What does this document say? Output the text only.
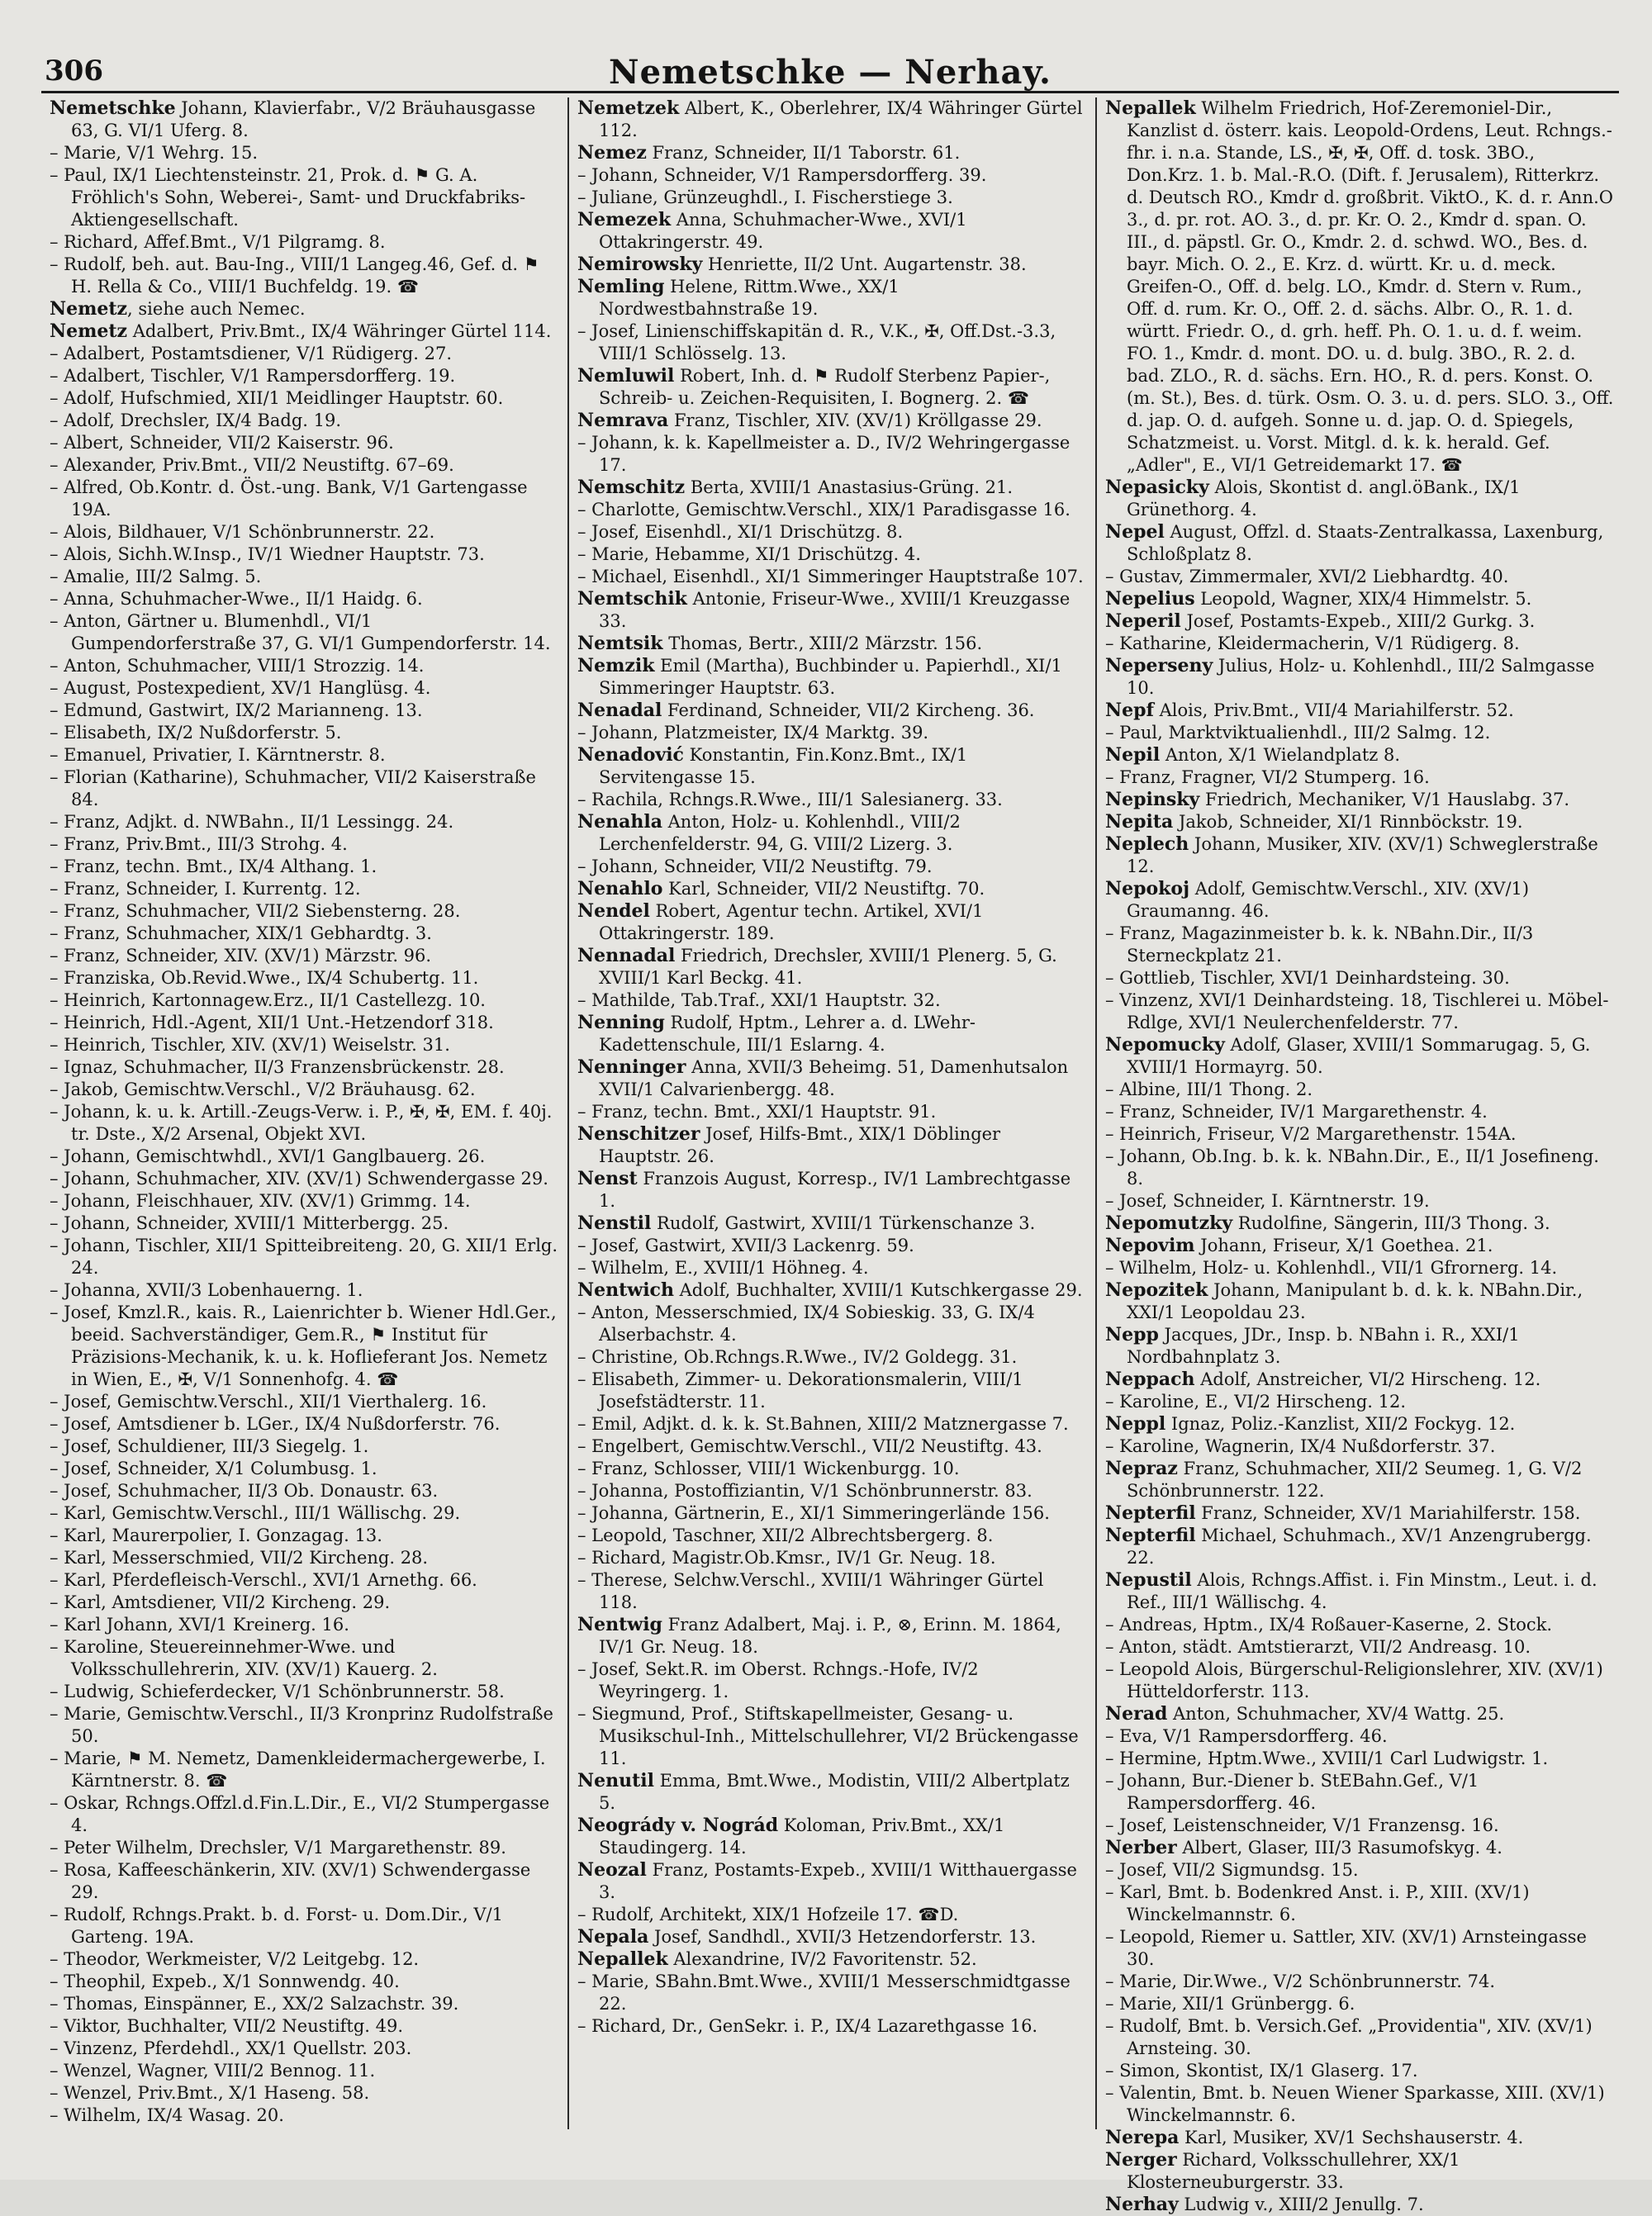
306	Nemetschke — Nerhay.
Nemetschke Johann, Klavierfabr., V/2 Bräuhausgasse 63, G. VI/1 Uferg. 8.
– Marie, V/1 Wehrg. 15.
– Paul, IX/1 Liechtensteinstr. 21, Prok. d. ⚑ G. A. Fröhlich's Sohn, Weberei-, Samt- und Druckfabriks-Aktiengesellschaft.
– Richard, Affef.Bmt., V/1 Pilgramg. 8.
– Rudolf, beh. aut. Bau-Ing., VIII/1 Langeg.46, Gef. d. ⚑ H. Rella & Co., VIII/1 Buchfeldg. 19. ☎
Nemetz, siehe auch Nemec.
Nemetz Adalbert, Priv.Bmt., IX/4 Währinger Gürtel 114.
– Adalbert, Postamtsdiener, V/1 Rüdigerg. 27.
– Adalbert, Tischler, V/1 Rampersdorfferg. 19.
– Adolf, Hufschmied, XII/1 Meidlinger Hauptstr. 60.
– Adolf, Drechsler, IX/4 Badg. 19.
– Albert, Schneider, VII/2 Kaiserstr. 96.
– Alexander, Priv.Bmt., VII/2 Neustiftg. 67–69.
– Alfred, Ob.Kontr. d. Öst.-ung. Bank, V/1 Gartengasse 19A.
– Alois, Bildhauer, V/1 Schönbrunnerstr. 22.
– Alois, Sichh.W.Insp., IV/1 Wiedner Hauptstr. 73.
– Amalie, III/2 Salmg. 5.
– Anna, Schuhmacher-Wwe., II/1 Haidg. 6.
– Anton, Gärtner u. Blumenhdl., VI/1 Gumpendorferstraße 37, G. VI/1 Gumpendorferstr. 14.
– Anton, Schuhmacher, VIII/1 Strozzig. 14.
– August, Postexpedient, XV/1 Hanglüsg. 4.
– Edmund, Gastwirt, IX/2 Marianneng. 13.
– Elisabeth, IX/2 Nußdorferstr. 5.
– Emanuel, Privatier, I. Kärntnerstr. 8.
– Florian (Katharine), Schuhmacher, VII/2 Kaiserstraße 84.
– Franz, Adjkt. d. NWBahn., II/1 Lessingg. 24.
– Franz, Priv.Bmt., III/3 Strohg. 4.
– Franz, techn. Bmt., IX/4 Althang. 1.
– Franz, Schneider, I. Kurrentg. 12.
– Franz, Schuhmacher, VII/2 Siebensterng. 28.
– Franz, Schuhmacher, XIX/1 Gebhardtg. 3.
– Franz, Schneider, XIV. (XV/1) Märzstr. 96.
– Franziska, Ob.Revid.Wwe., IX/4 Schubertg. 11.
– Heinrich, Kartonnagew.Erz., II/1 Castellezg. 10.
– Heinrich, Hdl.-Agent, XII/1 Unt.-Hetzendorf 318.
– Heinrich, Tischler, XIV. (XV/1) Weiselstr. 31.
– Ignaz, Schuhmacher, II/3 Franzensbrückenstr. 28.
– Jakob, Gemischtw.Verschl., V/2 Bräuhausg. 62.
– Johann, k. u. k. Artill.-Zeugs-Verw. i. P., ✠, ✠, EM. f. 40j. tr. Dste., X/2 Arsenal, Objekt XVI.
– Johann, Gemischtwhdl., XVI/1 Ganglbauerg. 26.
– Johann, Schuhmacher, XIV. (XV/1) Schwendergasse 29.
– Johann, Fleischhauer, XIV. (XV/1) Grimmg. 14.
– Johann, Schneider, XVIII/1 Mitterbergg. 25.
– Johann, Tischler, XII/1 Spitteibreiteng. 20, G. XII/1 Erlg. 24.
– Johanna, XVII/3 Lobenhauerng. 1.
– Josef, Kmzl.R., kais. R., Laienrichter b. Wiener Hdl.Ger., beeid. Sachverständiger, Gem.R., ⚑ Institut für Präzisions-Mechanik, k. u. k. Hoflieferant Jos. Nemetz in Wien, E., ✠, V/1 Sonnenhofg. 4. ☎
– Josef, Gemischtw.Verschl., XII/1 Vierthalerg. 16.
– Josef, Amtsdiener b. LGer., IX/4 Nußdorferstr. 76.
– Josef, Schuldiener, III/3 Siegelg. 1.
– Josef, Schneider, X/1 Columbusg. 1.
– Josef, Schuhmacher, II/3 Ob. Donaustr. 63.
– Karl, Gemischtw.Verschl., III/1 Wällischg. 29.
– Karl, Maurerpolier, I. Gonzagag. 13.
– Karl, Messerschmied, VII/2 Kircheng. 28.
– Karl, Pferdefleisch-Verschl., XVI/1 Arnethg. 66.
– Karl, Amtsdiener, VII/2 Kircheng. 29.
– Karl Johann, XVI/1 Kreinerg. 16.
– Karoline, Steuereinnehmer-Wwe. und Volksschullehrerin, XIV. (XV/1) Kauerg. 2.
– Ludwig, Schieferdecker, V/1 Schönbrunnerstr. 58.
– Marie, Gemischtw.Verschl., II/3 Kronprinz Rudolfstraße 50.
– Marie, ⚑ M. Nemetz, Damenkleidermachergewerbe, I. Kärntnerstr. 8. ☎
– Oskar, Rchngs.Offzl.d.Fin.L.Dir., E., VI/2 Stumpergasse 4.
– Peter Wilhelm, Drechsler, V/1 Margarethenstr. 89.
– Rosa, Kaffeeschänkerin, XIV. (XV/1) Schwendergasse 29.
– Rudolf, Rchngs.Prakt. b. d. Forst- u. Dom.Dir., V/1 Garteng. 19A.
– Theodor, Werkmeister, V/2 Leitgebg. 12.
– Theophil, Expeb., X/1 Sonnwendg. 40.
– Thomas, Einspänner, E., XX/2 Salzachstr. 39.
– Viktor, Buchhalter, VII/2 Neustiftg. 49.
– Vinzenz, Pferdehdl., XX/1 Quellstr. 203.
– Wenzel, Wagner, VIII/2 Bennog. 11.
– Wenzel, Priv.Bmt., X/1 Haseng. 58.
– Wilhelm, IX/4 Wasag. 20.
Nemetzek Albert, K., Oberlehrer, IX/4 Währinger Gürtel 112.
Nemez Franz, Schneider, II/1 Taborstr. 61.
– Johann, Schneider, V/1 Rampersdorfferg. 39.
– Juliane, Grünzeughdl., I. Fischerstiege 3.
Nemezek Anna, Schuhmacher-Wwe., XVI/1 Ottakringerstr. 49.
Nemirowsky Henriette, II/2 Unt. Augartenstr. 38.
Nemling Helene, Rittm.Wwe., XX/1 Nordwestbahnstraße 19.
– Josef, Linienschiffskapitän d. R., V.K., ✠, Off.Dst.-3.3, VIII/1 Schlösselg. 13.
Nemluwil Robert, Inh. d. ⚑ Rudolf Sterbenz Papier-, Schreib- u. Zeichen-Requisiten, I. Bognerg. 2. ☎
Nemrava Franz, Tischler, XIV. (XV/1) Kröllgasse 29.
– Johann, k. k. Kapellmeister a. D., IV/2 Wehringergasse 17.
Nemschitz Berta, XVIII/1 Anastasius-Grüng. 21.
– Charlotte, Gemischtw.Verschl., XIX/1 Paradisgasse 16.
– Josef, Eisenhdl., XI/1 Drischützg. 8.
– Marie, Hebamme, XI/1 Drischützg. 4.
– Michael, Eisenhdl., XI/1 Simmeringer Hauptstraße 107.
Nemtschik Antonie, Friseur-Wwe., XVIII/1 Kreuzgasse 33.
Nemtsik Thomas, Bertr., XIII/2 Märzstr. 156.
Nemzik Emil (Martha), Buchbinder u. Papierhdl., XI/1 Simmeringer Hauptstr. 63.
Nenadal Ferdinand, Schneider, VII/2 Kircheng. 36.
– Johann, Platzmeister, IX/4 Marktg. 39.
Nenadović Konstantin, Fin.Konz.Bmt., IX/1 Servitengasse 15.
– Rachila, Rchngs.R.Wwe., III/1 Salesianerg. 33.
Nenahla Anton, Holz- u. Kohlenhdl., VIII/2 Lerchenfelderstr. 94, G. VIII/2 Lizerg. 3.
– Johann, Schneider, VII/2 Neustiftg. 79.
Nenahlo Karl, Schneider, VII/2 Neustiftg. 70.
Nendel Robert, Agentur techn. Artikel, XVI/1 Ottakringerstr. 189.
Nennadal Friedrich, Drechsler, XVIII/1 Plenerg. 5, G. XVIII/1 Karl Beckg. 41.
– Mathilde, Tab.Traf., XXI/1 Hauptstr. 32.
Nenning Rudolf, Hptm., Lehrer a. d. LWehr-Kadettenschule, III/1 Eslarng. 4.
Nenninger Anna, XVII/3 Beheimg. 51, Damenhutsalon XVII/1 Calvarienbergg. 48.
– Franz, techn. Bmt., XXI/1 Hauptstr. 91.
Nenschitzer Josef, Hilfs-Bmt., XIX/1 Döblinger Hauptstr. 26.
Nenst Franzois August, Korresp., IV/1 Lambrechtgasse 1.
Nenstil Rudolf, Gastwirt, XVIII/1 Türkenschanze 3.
– Josef, Gastwirt, XVII/3 Lackenrg. 59.
– Wilhelm, E., XVIII/1 Höhneg. 4.
Nentwich Adolf, Buchhalter, XVIII/1 Kutschkergasse 29.
– Anton, Messerschmied, IX/4 Sobieskig. 33, G. IX/4 Alserbachstr. 4.
– Christine, Ob.Rchngs.R.Wwe., IV/2 Goldegg. 31.
– Elisabeth, Zimmer- u. Dekorationsmalerin, VIII/1 Josefstädterstr. 11.
– Emil, Adjkt. d. k. k. St.Bahnen, XIII/2 Matznergasse 7.
– Engelbert, Gemischtw.Verschl., VII/2 Neustiftg. 43.
– Franz, Schlosser, VIII/1 Wickenburgg. 10.
– Johanna, Postoffiziantin, V/1 Schönbrunnerstr. 83.
– Johanna, Gärtnerin, E., XI/1 Simmeringerlände 156.
– Leopold, Taschner, XII/2 Albrechtsbergerg. 8.
– Richard, Magistr.Ob.Kmsr., IV/1 Gr. Neug. 18.
– Therese, Selchw.Verschl., XVIII/1 Währinger Gürtel 118.
Nentwig Franz Adalbert, Maj. i. P., ⊗, Erinn. M. 1864, IV/1 Gr. Neug. 18.
– Josef, Sekt.R. im Oberst. Rchngs.-Hofe, IV/2 Weyringerg. 1.
– Siegmund, Prof., Stiftskapellmeister, Gesang- u. Musikschul-Inh., Mittelschullehrer, VI/2 Brückengasse 11.
Nenutil Emma, Bmt.Wwe., Modistin, VIII/2 Albertplatz 5.
Neogrády v. Nográd Koloman, Priv.Bmt., XX/1 Staudingerg. 14.
Neozal Franz, Postamts-Expeb., XVIII/1 Witthauergasse 3.
– Rudolf, Architekt, XIX/1 Hofzeile 17. ☎D.
Nepala Josef, Sandhdl., XVII/3 Hetzendorferstr. 13.
Nepallek Alexandrine, IV/2 Favoritenstr. 52.
– Marie, SBahn.Bmt.Wwe., XVIII/1 Messerschmidtgasse 22.
– Richard, Dr., GenSekr. i. P., IX/4 Lazarethgasse 16.
Nepallek Wilhelm Friedrich, Hof-Zeremoniel-Dir., Kanzlist d. österr. kais. Leopold-Ordens, Leut. Rchngs.-fhr. i. n.a. Stande, LS., ✠, ✠, Off. d. tosk. 3BO., Don.Krz. 1. b. Mal.-R.O. (Dift. f. Jerusalem), Ritterkrz. d. Deutsch RO., Kmdr d. großbrit. ViktO., K. d. r. Ann.O 3., d. pr. rot. AO. 3., d. pr. Kr. O. 2., Kmdr d. span. O. III., d. päpstl. Gr. O., Kmdr. 2. d. schwd. WO., Bes. d. bayr. Mich. O. 2., E. Krz. d. württ. Kr. u. d. meck. Greifen-O., Off. d. belg. LO., Kmdr. d. Stern v. Rum., Off. d. rum. Kr. O., Off. 2. d. sächs. Albr. O., R. 1. d. württ. Friedr. O., d. grh. heff. Ph. O. 1. u. d. f. weim. FO. 1., Kmdr. d. mont. DO. u. d. bulg. 3BO., R. 2. d. bad. ZLO., R. d. sächs. Ern. HO., R. d. pers. Konst. O. (m. St.), Bes. d. türk. Osm. O. 3. u. d. pers. SLO. 3., Off. d. jap. O. d. aufgeh. Sonne u. d. jap. O. d. Spiegels, Schatzmeist. u. Vorst. Mitgl. d. k. k. herald. Gef. „Adler", E., VI/1 Getreidemarkt 17. ☎
Nepasicky Alois, Skontist d. angl.öBank., IX/1 Grünethorg. 4.
Nepel August, Offzl. d. Staats-Zentralkassa, Laxenburg, Schloßplatz 8.
– Gustav, Zimmermaler, XVI/2 Liebhardtg. 40.
Nepelius Leopold, Wagner, XIX/4 Himmelstr. 5.
Neperil Josef, Postamts-Expeb., XIII/2 Gurkg. 3.
– Katharine, Kleidermacherin, V/1 Rüdigerg. 8.
Neperseny Julius, Holz- u. Kohlenhdl., III/2 Salmgasse 10.
Nepf Alois, Priv.Bmt., VII/4 Mariahilferstr. 52.
– Paul, Marktviktualienhdl., III/2 Salmg. 12.
Nepil Anton, X/1 Wielandplatz 8.
– Franz, Fragner, VI/2 Stumperg. 16.
Nepinsky Friedrich, Mechaniker, V/1 Hauslabg. 37.
Nepita Jakob, Schneider, XI/1 Rinnböckstr. 19.
Neplech Johann, Musiker, XIV. (XV/1) Schweglerstraße 12.
Nepokoj Adolf, Gemischtw.Verschl., XIV. (XV/1) Graumanng. 46.
– Franz, Magazinmeister b. k. k. NBahn.Dir., II/3 Sterneckplatz 21.
– Gottlieb, Tischler, XVI/1 Deinhardsteing. 30.
– Vinzenz, XVI/1 Deinhardsteing. 18, Tischlerei u. Möbel-Rdlge, XVI/1 Neulerchenfelderstr. 77.
Nepomucky Adolf, Glaser, XVIII/1 Sommarugag. 5, G. XVIII/1 Hormayrg. 50.
– Albine, III/1 Thong. 2.
– Franz, Schneider, IV/1 Margarethenstr. 4.
– Heinrich, Friseur, V/2 Margarethenstr. 154A.
– Johann, Ob.Ing. b. k. k. NBahn.Dir., E., II/1 Josefineng. 8.
– Josef, Schneider, I. Kärntnerstr. 19.
Nepomutzky Rudolfine, Sängerin, III/3 Thong. 3.
Nepovim Johann, Friseur, X/1 Goethea. 21.
– Wilhelm, Holz- u. Kohlenhdl., VII/1 Gfrornerg. 14.
Nepozitek Johann, Manipulant b. d. k. k. NBahn.Dir., XXI/1 Leopoldau 23.
Nepp Jacques, JDr., Insp. b. NBahn i. R., XXI/1 Nordbahnplatz 3.
Neppach Adolf, Anstreicher, VI/2 Hirscheng. 12.
– Karoline, E., VI/2 Hirscheng. 12.
Neppl Ignaz, Poliz.-Kanzlist, XII/2 Fockyg. 12.
– Karoline, Wagnerin, IX/4 Nußdorferstr. 37.
Nepraz Franz, Schuhmacher, XII/2 Seumeg. 1, G. V/2 Schönbrunnerstr. 122.
Nepterfil Franz, Schneider, XV/1 Mariahilferstr. 158.
Nepterfil Michael, Schuhmach., XV/1 Anzengrubergg. 22.
Nepustil Alois, Rchngs.Affist. i. Fin Minstm., Leut. i. d. Ref., III/1 Wällischg. 4.
– Andreas, Hptm., IX/4 Roßauer-Kaserne, 2. Stock.
– Anton, städt. Amtstierarzt, VII/2 Andreasg. 10.
– Leopold Alois, Bürgerschul-Religionslehrer, XIV. (XV/1) Hütteldorferstr. 113.
Nerad Anton, Schuhmacher, XV/4 Wattg. 25.
– Eva, V/1 Rampersdorfferg. 46.
– Hermine, Hptm.Wwe., XVIII/1 Carl Ludwigstr. 1.
– Johann, Bur.-Diener b. StEBahn.Gef., V/1 Rampersdorfferg. 46.
– Josef, Leistenschneider, V/1 Franzensg. 16.
Nerber Albert, Glaser, III/3 Rasumofskyg. 4.
– Josef, VII/2 Sigmundsg. 15.
– Karl, Bmt. b. Bodenkred Anst. i. P., XIII. (XV/1) Winckelmannstr. 6.
– Leopold, Riemer u. Sattler, XIV. (XV/1) Arnsteingasse 30.
– Marie, Dir.Wwe., V/2 Schönbrunnerstr. 74.
– Marie, XII/1 Grünbergg. 6.
– Rudolf, Bmt. b. Versich.Gef. „Providentia", XIV. (XV/1) Arnsteing. 30.
– Simon, Skontist, IX/1 Glaserg. 17.
– Valentin, Bmt. b. Neuen Wiener Sparkasse, XIII. (XV/1) Winckelmannstr. 6.
Nerepa Karl, Musiker, XV/1 Sechshauserstr. 4.
Nerger Richard, Volksschullehrer, XX/1 Klosterneuburgerstr. 33.
Nerhay Ludwig v., XIII/2 Jenullg. 7.
